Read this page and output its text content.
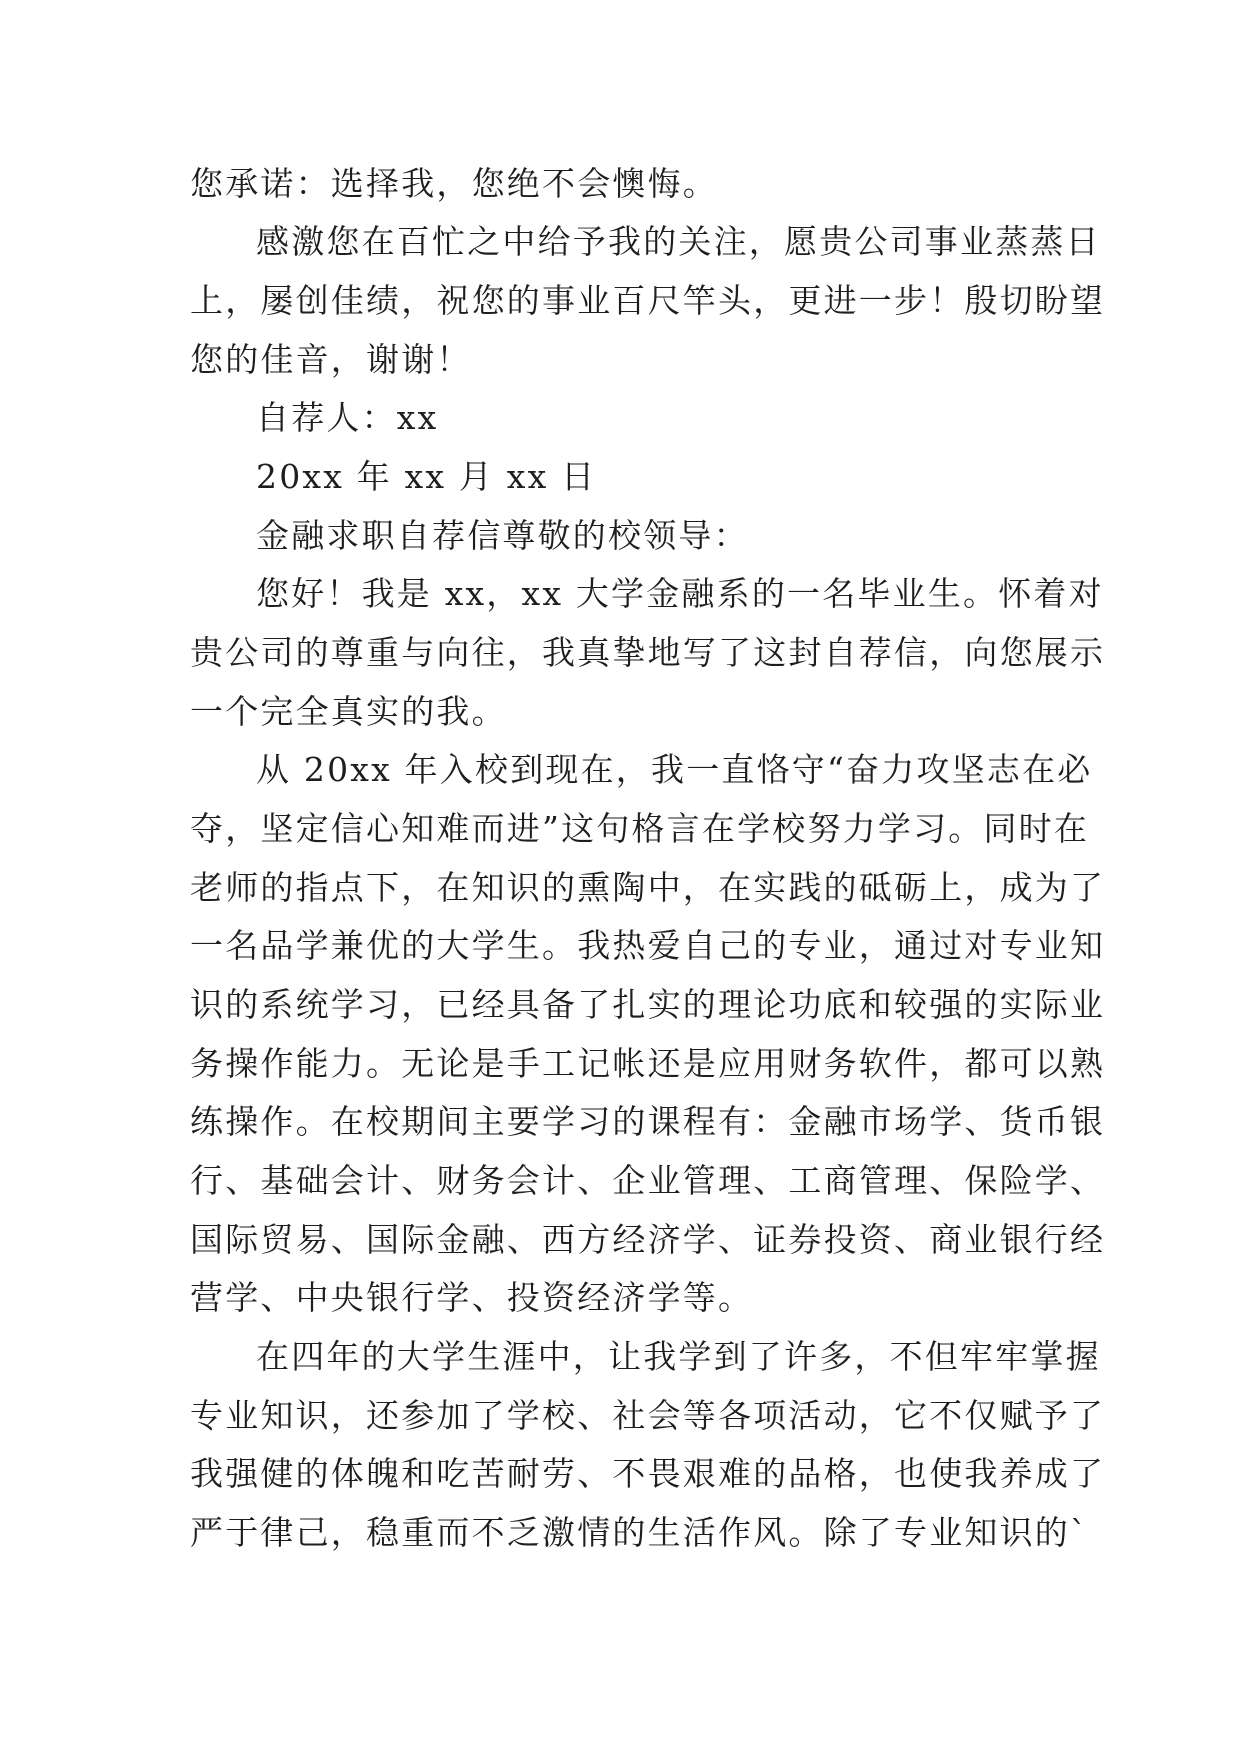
您承诺：选择我，您绝不会懊悔。
感激您在百忙之中给予我的关注，愿贵公司事业蒸蒸日
上，屡创佳绩，祝您的事业百尺竿头，更进一步！殷切盼望
您的佳音，谢谢！
自荐人：xx
20xx 年 xx 月 xx 日
金融求职自荐信尊敬的校领导：
您好！我是 xx，xx 大学金融系的一名毕业生。怀着对
贵公司的尊重与向往，我真挚地写了这封自荐信，向您展示
一个完全真实的我。
从 20xx 年入校到现在，我一直恪守“奋力攻坚志在必
夺，坚定信心知难而进”这句格言在学校努力学习。同时在
老师的指点下，在知识的熏陶中，在实践的砥砺上，成为了
一名品学兼优的大学生。我热爱自己的专业，通过对专业知
识的系统学习，已经具备了扎实的理论功底和较强的实际业
务操作能力。无论是手工记帐还是应用财务软件，都可以熟
练操作。在校期间主要学习的课程有：金融市场学、货币银
行、基础会计、财务会计、企业管理、工商管理、保险学、
国际贸易、国际金融、西方经济学、证券投资、商业银行经
营学、中央银行学、投资经济学等。
在四年的大学生涯中，让我学到了许多，不但牢牢掌握
专业知识，还参加了学校、社会等各项活动，它不仅赋予了
我强健的体魄和吃苦耐劳、不畏艰难的品格，也使我养成了
严于律己，稳重而不乏激情的生活作风。除了专业知识的`
